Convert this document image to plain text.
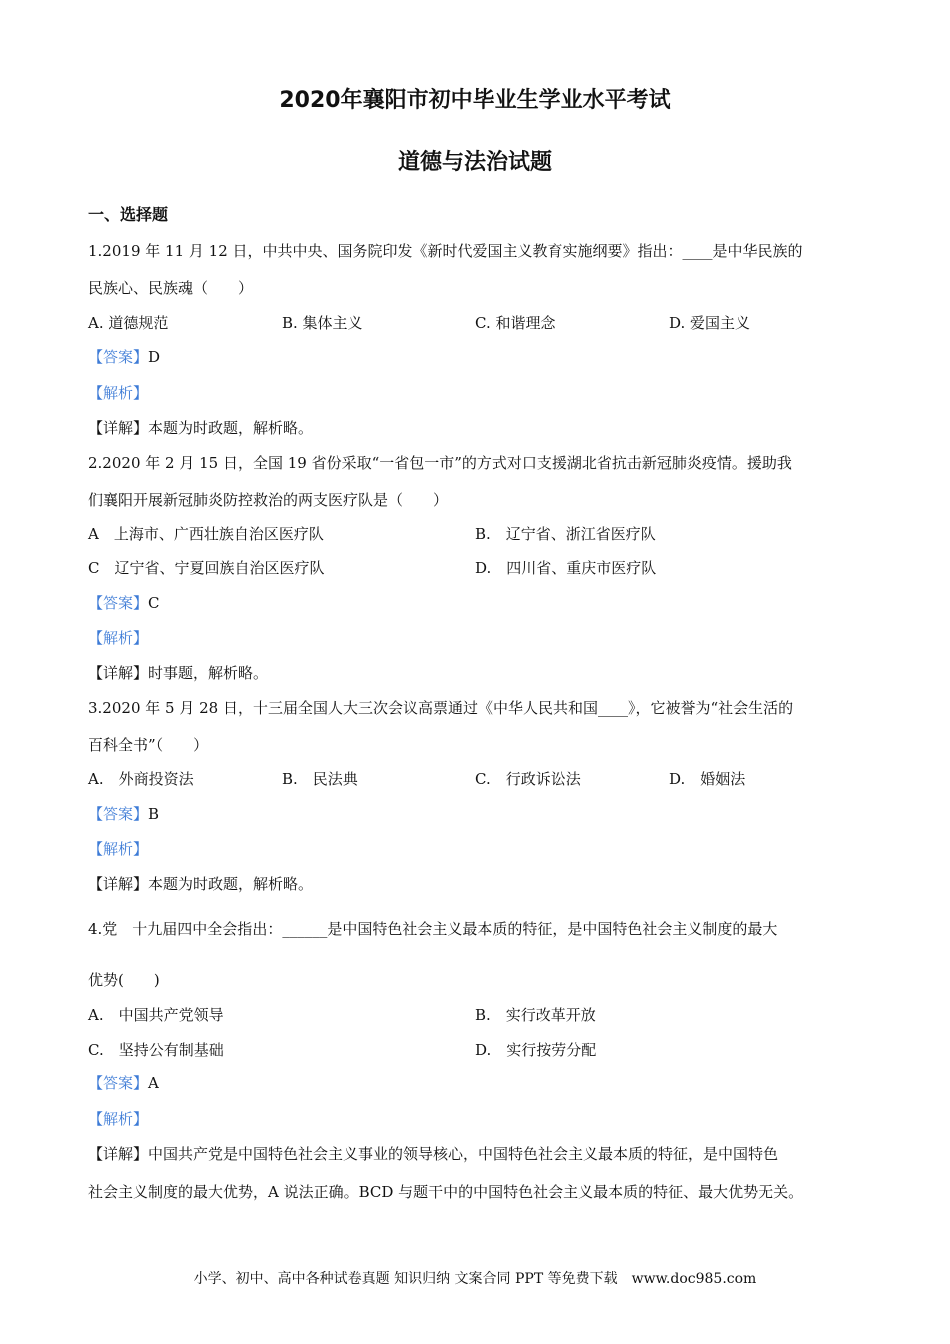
2020年襄阳市初中毕业生学业水平考试
道德与法治试题
一、选择题
1.2019 年 11 月 12 日，中共中央、国务院印发《新时代爱国主义教育实施纲要》指出：____是中华民族的
民族心、民族魂（　　）
A. 道德规范	B. 集体主义	C. 和谐理念	D. 爱国主义
【答案】D
【解析】
【详解】本题为时政题，解析略。
2.2020 年 2 月 15 日，全国 19 省份采取“一省包一市”的方式对口支援湖北省抗击新冠肺炎疫情。援助我
们襄阳开展新冠肺炎防控救治的两支医疗队是（　　）
A　上海市、广西壮族自治区医疗队	B.　辽宁省、浙江省医疗队
C　辽宁省、宁夏回族自治区医疗队	D.　四川省、重庆市医疗队
【答案】C
【解析】
【详解】时事题，解析略。
3.2020 年 5 月 28 日，十三届全国人大三次会议高票通过《中华人民共和国____》，它被誉为“社会生活的
百科全书”（　　）
A.　外商投资法	B.　民法典	C.　行政诉讼法	D.　婚姻法
【答案】B
【解析】
【详解】本题为时政题，解析略。
4.党　十九届四中全会指出：______是中国特色社会主义最本质的特征，是中国特色社会主义制度的最大
优势(　　)
A.　中国共产党领导	B.　实行改革开放
C.　坚持公有制基础	D.　实行按劳分配
【答案】A
【解析】
【详解】中国共产党是中国特色社会主义事业的领导核心，中国特色社会主义最本质的特征，是中国特色
社会主义制度的最大优势，A 说法正确。BCD 与题干中的中国特色社会主义最本质的特征、最大优势无关。
小学、初中、高中各种试卷真题 知识归纳 文案合同 PPT 等免费下载　www.doc985.com
